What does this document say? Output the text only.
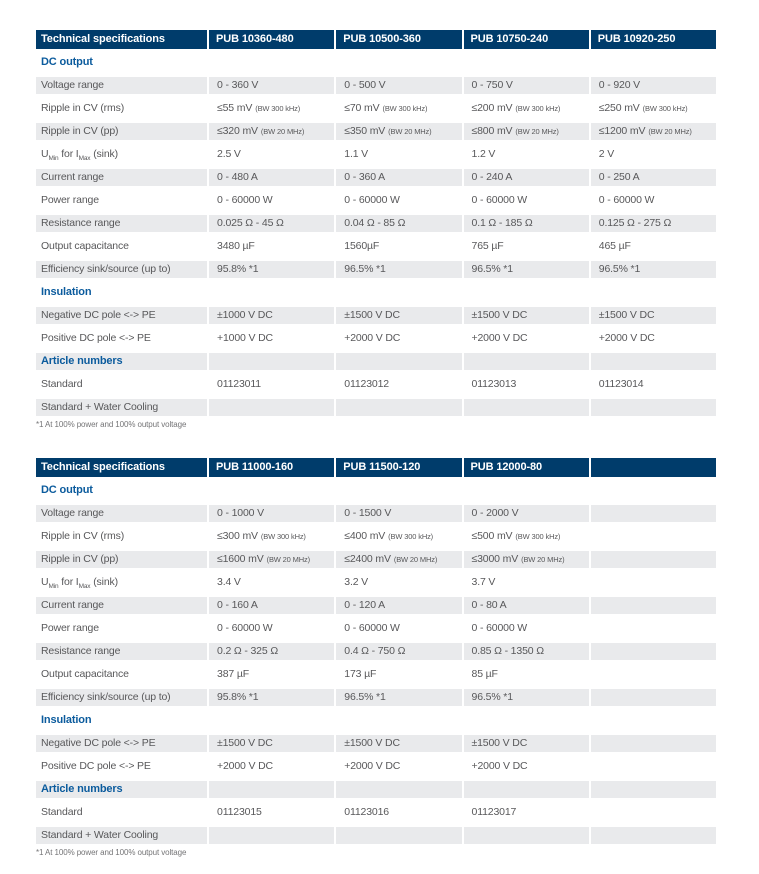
Technical specifications	PUB 10360-480	PUB 10500-360	PUB 10750-240	PUB 10920-250
DC output
Voltage range	0 - 360 V	0 - 500 V	0 - 750 V	0 - 920 V
Ripple in CV (rms)	≤55 mV (BW 300 kHz)	≤70 mV (BW 300 kHz)	≤200 mV (BW 300 kHz)	≤250 mV (BW 300 kHz)
Ripple in CV (pp)	≤320 mV (BW 20 MHz)	≤350 mV (BW 20 MHz)	≤800 mV (BW 20 MHz)	≤1200 mV (BW 20 MHz)
$U_{Min}$ for $I_{Max}$ (sink)	2.5 V	1.1 V	1.2 V	2 V
Current range	0 - 480 A	0 - 360 A	0 - 240 A	0 - 250 A
Power range	0 - 60000 W	0 - 60000 W	0 - 60000 W	0 - 60000 W
Resistance range	0.025 Ω - 45 Ω	0.04 Ω - 85 Ω	0.1 Ω - 185 Ω	0.125 Ω - 275 Ω
Output capacitance	3480 µF	1560µF	765 µF	465 µF
Efficiency sink/source (up to)	95.8% *1	96.5% *1	96.5% *1	96.5% *1
Insulation
Negative DC pole <-> PE	±1000 V DC	±1500 V DC	±1500 V DC	±1500 V DC
Positive DC pole <-> PE	+1000 V DC	+2000 V DC	+2000 V DC	+2000 V DC
Article numbers
Standard	01123011	01123012	01123013	01123014
Standard + Water Cooling
*1 At 100% power and 100% output voltage
Technical specifications	PUB 11000-160	PUB 11500-120	PUB 12000-80
DC output
Voltage range	0 - 1000 V	0 - 1500 V	0 - 2000 V
Ripple in CV (rms)	≤300 mV (BW 300 kHz)	≤400 mV (BW 300 kHz)	≤500 mV (BW 300 kHz)
Ripple in CV (pp)	≤1600 mV (BW 20 MHz)	≤2400 mV (BW 20 MHz)	≤3000 mV (BW 20 MHz)
$U_{Min}$ for $I_{Max}$ (sink)	3.4 V	3.2 V	3.7 V
Current range	0 - 160 A	0 - 120 A	0 - 80 A
Power range	0 - 60000 W	0 - 60000 W	0 - 60000 W
Resistance range	0.2 Ω - 325 Ω	0.4 Ω - 750 Ω	0.85 Ω - 1350 Ω
Output capacitance	387 µF	173 µF	85 µF
Efficiency sink/source (up to)	95.8% *1	96.5% *1	96.5% *1
Insulation
Negative DC pole <-> PE	±1500 V DC	±1500 V DC	±1500 V DC
Positive DC pole <-> PE	+2000 V DC	+2000 V DC	+2000 V DC
Article numbers
Standard	01123015	01123016	01123017
Standard + Water Cooling
*1 At 100% power and 100% output voltage
